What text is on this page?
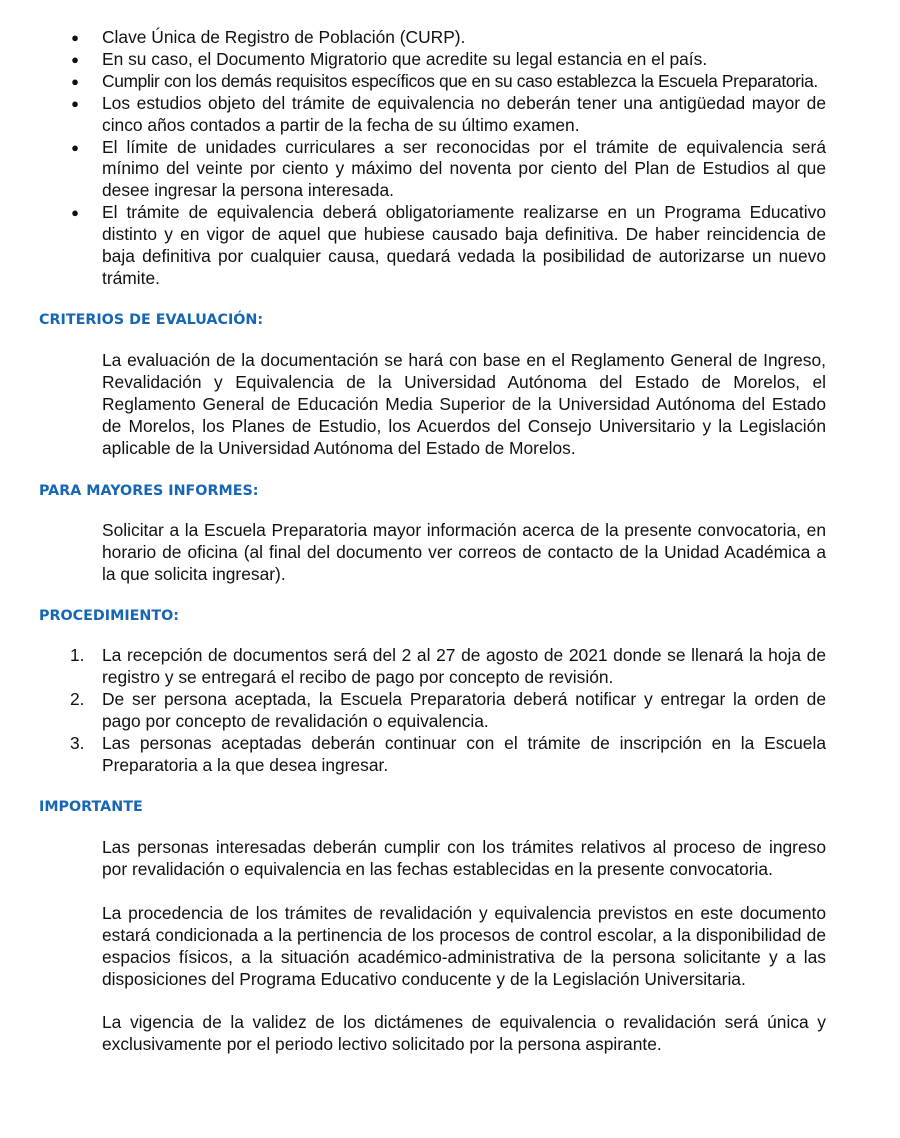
● Clave Única de Registro de Población (CURP).
● En su caso, el Documento Migratorio que acredite su legal estancia en el país.
● Cumplir con los demás requisitos específicos que en su caso establezca la Escuela Preparatoria.
● Los estudios objeto del trámite de equivalencia no deberán tener una antigüedad mayor de cinco años contados a partir de la fecha de su último examen.
● El límite de unidades curriculares a ser reconocidas por el trámite de equivalencia será mínimo del veinte por ciento y máximo del noventa por ciento del Plan de Estudios al que desee ingresar la persona interesada.
● El trámite de equivalencia deberá obligatoriamente realizarse en un Programa Educativo distinto y en vigor de aquel que hubiese causado baja definitiva. De haber reincidencia de baja definitiva por cualquier causa, quedará vedada la posibilidad de autorizarse un nuevo trámite.
CRITERIOS DE EVALUACIÓN:

La evaluación de la documentación se hará con base en el Reglamento General de Ingreso, Revalidación y Equivalencia de la Universidad Autónoma del Estado de Morelos, el Reglamento General de Educación Media Superior de la Universidad Autónoma del Estado de Morelos, los Planes de Estudio, los Acuerdos del Consejo Universitario y la Legislación aplicable de la Universidad Autónoma del Estado de Morelos.

PARA MAYORES INFORMES:

Solicitar a la Escuela Preparatoria mayor información acerca de la presente convocatoria, en horario de oficina (al final del documento ver correos de contacto de la Unidad Académica a la que solicita ingresar).

PROCEDIMIENTO:
1. La recepción de documentos será del 2 al 27 de agosto de 2021 donde se llenará la hoja de registro y se entregará el recibo de pago por concepto de revisión.
2. De ser persona aceptada, la Escuela Preparatoria deberá notificar y entregar la orden de pago por concepto de revalidación o equivalencia.
3. Las personas aceptadas deberán continuar con el trámite de inscripción en la Escuela Preparatoria a la que desea ingresar.
IMPORTANTE

Las personas interesadas deberán cumplir con los trámites relativos al proceso de ingreso por revalidación o equivalencia en las fechas establecidas en la presente convocatoria.

La procedencia de los trámites de revalidación y equivalencia previstos en este documento estará condicionada a la pertinencia de los procesos de control escolar, a la disponibilidad de espacios físicos, a la situación académico-administrativa de la persona solicitante y a las disposiciones del Programa Educativo conducente y de la Legislación Universitaria.

La vigencia de la validez de los dictámenes de equivalencia o revalidación será única y exclusivamente por el periodo lectivo solicitado por la persona aspirante.
